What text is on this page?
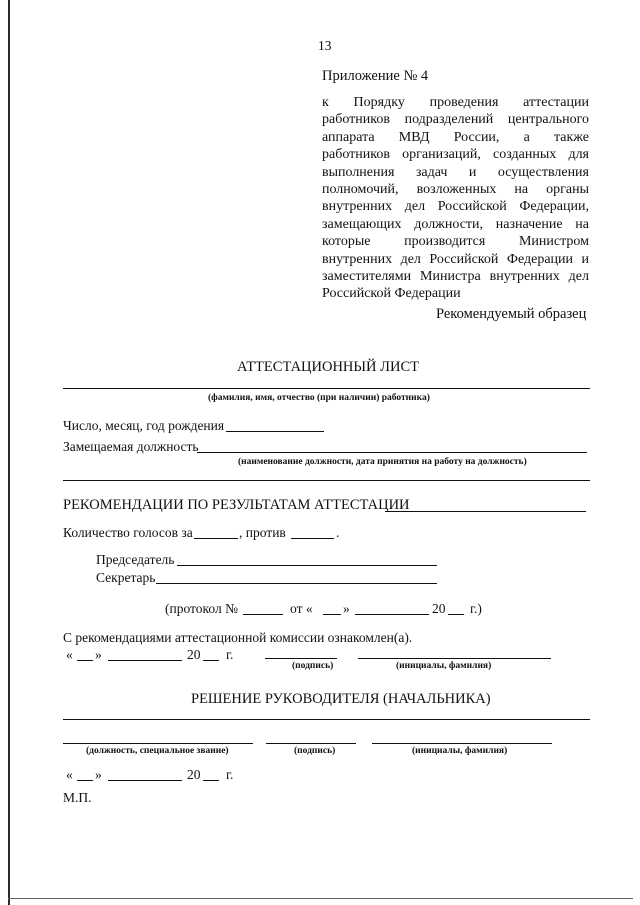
13
Приложение № 4
к Порядку проведения аттестации
работников подразделений центрального
аппарата МВД России, а также
работников организаций, созданных для
выполнения задач и осуществления
полномочий, возложенных на органы
внутренних дел Российской Федерации,
замещающих должности, назначение на
которые производится Министром
внутренних дел Российской Федерации и
заместителями Министра внутренних дел
Российской Федерации
Рекомендуемый образец
АТТЕСТАЦИОННЫЙ ЛИСТ
(фамилия, имя, отчество (при наличии) работника)
Число, месяц, год рождения
Замещаемая должность
(наименование должности, дата принятия на работу на должность)
РЕКОМЕНДАЦИИ ПО РЕЗУЛЬТАТАМ АТТЕСТАЦИИ
Количество голосов за	, против	.
Председатель
Секретарь
(протокол №	от « »	20 г.)
С рекомендациями аттестационной комиссии ознакомлен(а).
« »	20 г.
(подпись)	(инициалы, фамилия)
РЕШЕНИЕ РУКОВОДИТЕЛЯ (НАЧАЛЬНИКА)
(должность, специальное звание)	(подпись)	(инициалы, фамилия)
« »	20 г.
М.П.
